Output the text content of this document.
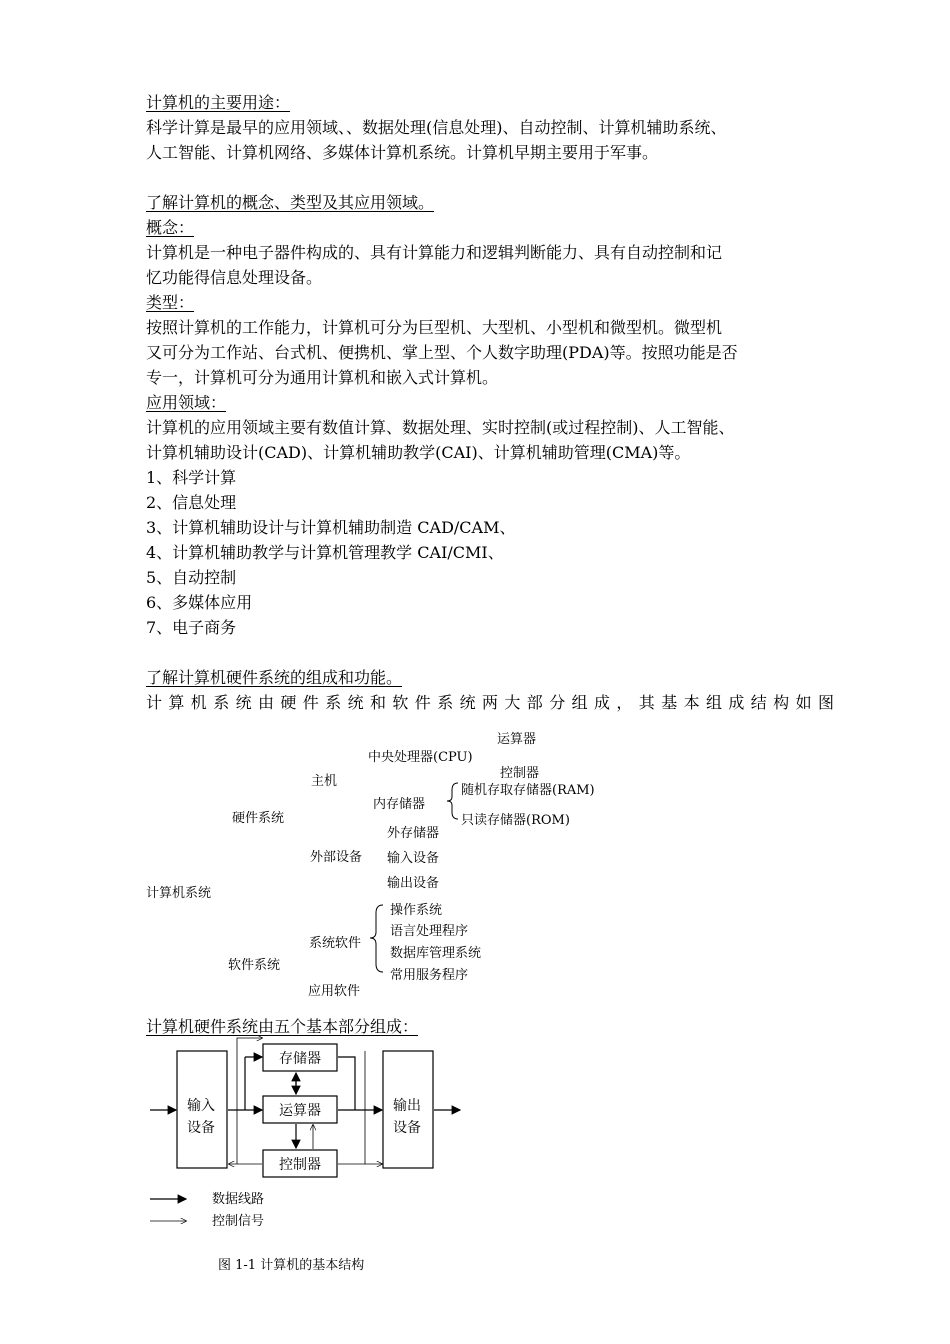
计算机的主要用途：
科学计算是最早的应用领域、、数据处理(信息处理)、自动控制、计算机辅助系统、
人工智能、计算机网络、多媒体计算机系统。计算机早期主要用于军事。
了解计算机的概念、类型及其应用领域。
概念：
计算机是一种电子器件构成的、具有计算能力和逻辑判断能力、具有自动控制和记
忆功能得信息处理设备。
类型：
按照计算机的工作能力，计算机可分为巨型机、大型机、小型机和微型机。微型机
又可分为工作站、台式机、便携机、掌上型、个人数字助理(PDA)等。按照功能是否
专一，计算机可分为通用计算机和嵌入式计算机。
应用领域：
计算机的应用领域主要有数值计算、数据处理、实时控制(或过程控制)、人工智能、
计算机辅助设计(CAD)、计算机辅助教学(CAI)、计算机辅助管理(CMA)等。
1、科学计算
2、信息处理
3、计算机辅助设计与计算机辅助制造 CAD/CAM、
4、计算机辅助教学与计算机管理教学 CAI/CMI、
5、自动控制
6、多媒体应用
7、电子商务
了解计算机硬件系统的组成和功能。
计算机系统由硬件系统和软件系统两大部分组成，其基本组成结构如图
运算器
中央处理器(CPU)
控制器
主机
随机存取存储器(RAM)
内存储器
硬件系统	只读存储器(ROM)
外存储器
外部设备 输入设备
输出设备
计算机系统
操作系统
语言处理程序
系统软件
数据库管理系统
软件系统
常用服务程序
应用软件
计算机硬件系统由五个基本部分组成：
输入
设备
输出
设备
存储器
运算器
控制器
数据线路
控制信号
图 1-1 计算机的基本结构
